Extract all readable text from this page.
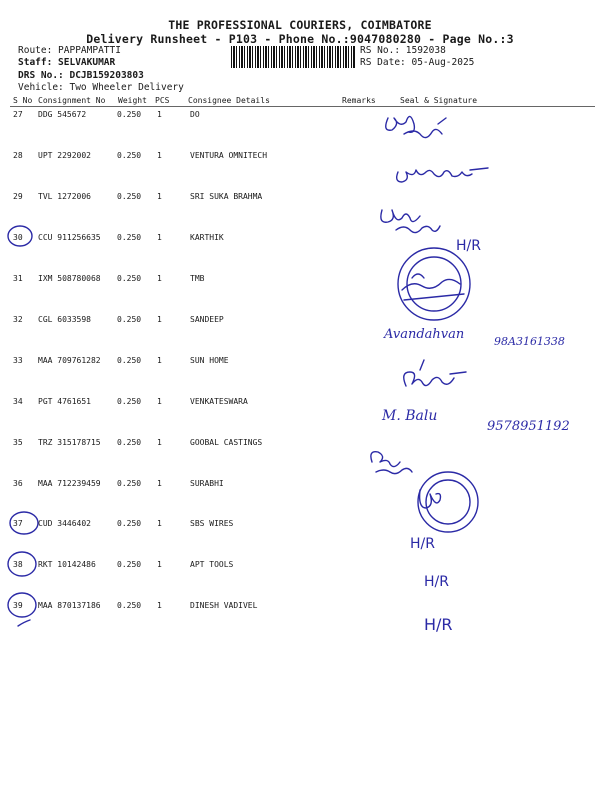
THE PROFESSIONAL COURIERS, COIMBATORE
Delivery Runsheet - P103 - Phone No.:9047080280 - Page No.:3
Route: PAPPAMPATTI
Staff: SELVAKUMAR
DRS No.: DCJB159203803
Vehicle: Two Wheeler Delivery
RS No.: 1592038
RS Date: 05-Aug-2025
S No Consignment No Weight PCS Consignee Details	Remarks	Seal & Signature
27 DDG 545672	0.250 1	DO
28 UPT 2292002	0.250 1	VENTURA OMNITECH
29 TVL 1272006	0.250 1	SRI SUKA BRAHMA
30 CCU 911256635 0.250 1	KARTHIK
31 IXM 508780068 0.250 1	TMB
32 CGL 6033598	0.250 1	SANDEEP
33 MAA 709761282 0.250 1	SUN HOME
34 PGT 4761651	0.250 1	VENKATESWARA
35 TRZ 315178715 0.250 1	GOOBAL CASTINGS
36 MAA 712239459 0.250 1	SURABHI
37 CUD 3446402	0.250 1	SBS WIRES
38 RKT 10142486	0.250 1	APT TOOLS
39 MAA 870137186 0.250 1	DINESH VADIVEL
H/R
Avandahvan	98A3161338
M. Balu
9578951192
H/R
H/R
H/R
